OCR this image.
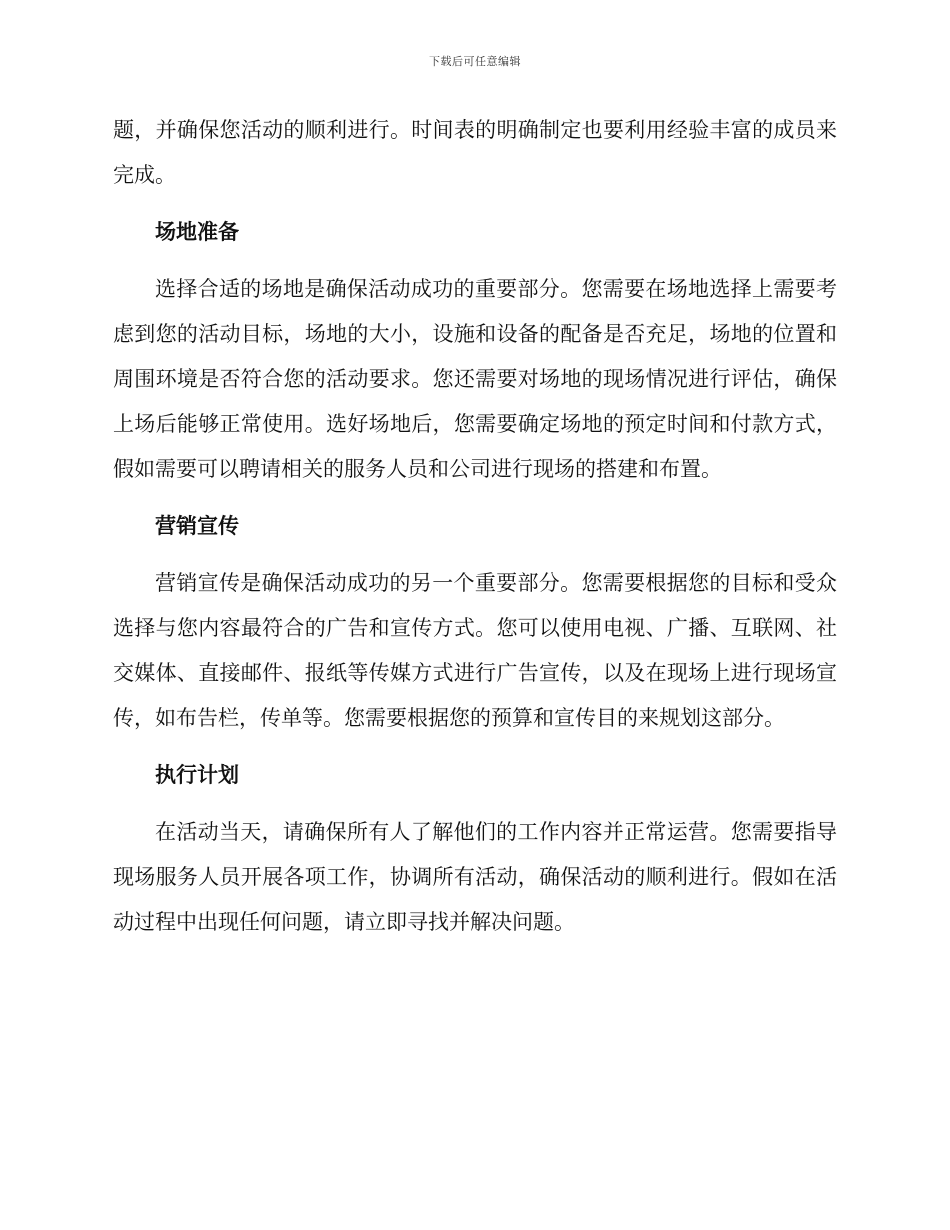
下载后可任意编辑

题，并确保您活动的顺利进行。时间表的明确制定也要利用经验丰富的成员来完成。

场地准备

选择合适的场地是确保活动成功的重要部分。您需要在场地选择上需要考虑到您的活动目标，场地的大小，设施和设备的配备是否充足，场地的位置和周围环境是否符合您的活动要求。您还需要对场地的现场情况进行评估，确保上场后能够正常使用。选好场地后，您需要确定场地的预定时间和付款方式，假如需要可以聘请相关的服务人员和公司进行现场的搭建和布置。

营销宣传

营销宣传是确保活动成功的另一个重要部分。您需要根据您的目标和受众选择与您内容最符合的广告和宣传方式。您可以使用电视、广播、互联网、社交媒体、直接邮件、报纸等传媒方式进行广告宣传，以及在现场上进行现场宣传，如布告栏，传单等。您需要根据您的预算和宣传目的来规划这部分。

执行计划

在活动当天，请确保所有人了解他们的工作内容并正常运营。您需要指导现场服务人员开展各项工作，协调所有活动，确保活动的顺利进行。假如在活动过程中出现任何问题，请立即寻找并解决问题。
